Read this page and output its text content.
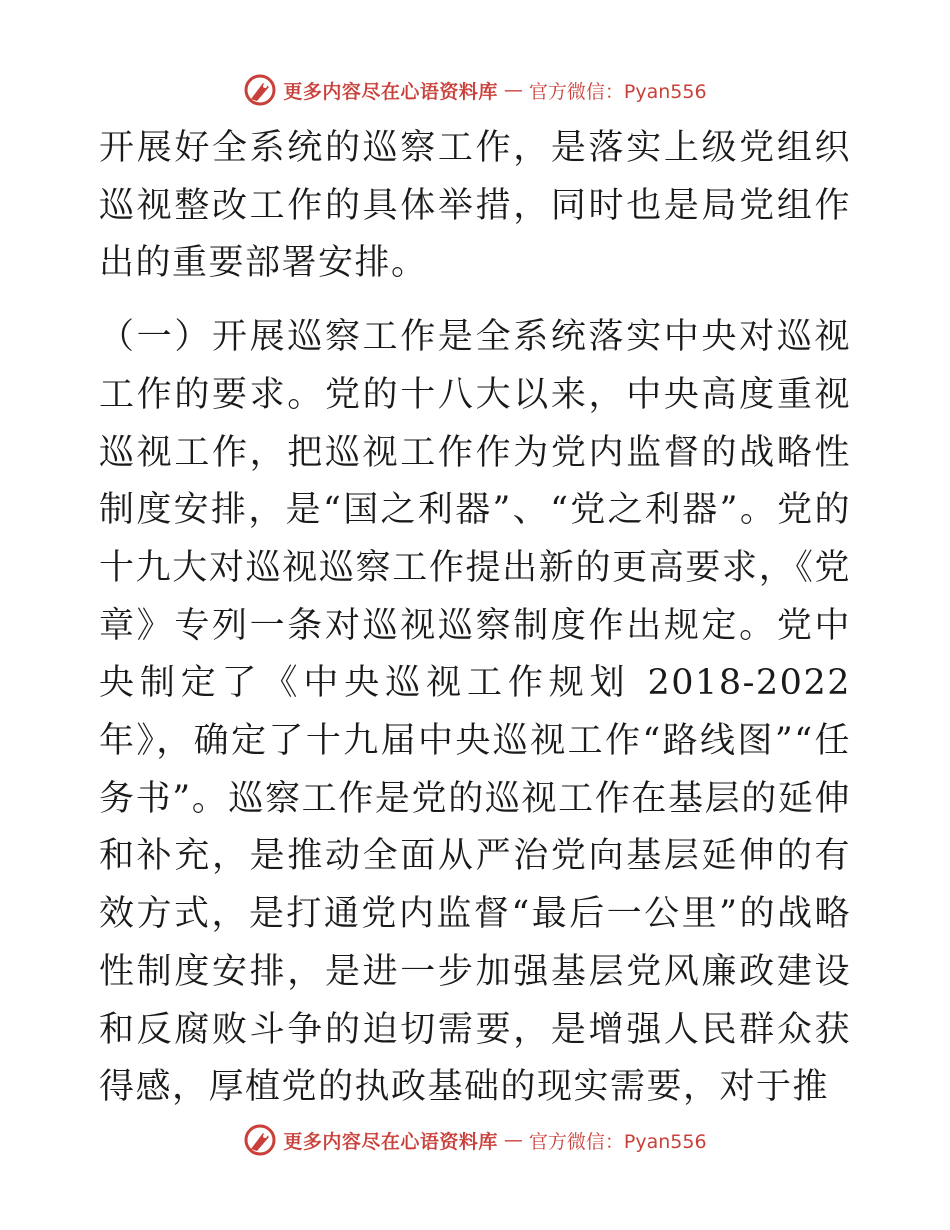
更多内容尽在心语资料库 — 官方微信：Pyan556

开展好全系统的巡察工作，是落实上级党组织巡视整改工作的具体举措，同时也是局党组作出的重要部署安排。

（一）开展巡察工作是全系统落实中央对巡视工作的要求。党的十八大以来，中央高度重视巡视工作，把巡视工作作为党内监督的战略性制度安排，是“国之利器”、“党之利器”。党的十九大对巡视巡察工作提出新的更高要求，《党章》专列一条对巡视巡察制度作出规定。党中央制定了《中央巡视工作规划 2018-2022 年》，确定了十九届中央巡视工作“路线图”“任务书”。巡察工作是党的巡视工作在基层的延伸和补充，是推动全面从严治党向基层延伸的有效方式，是打通党内监督“最后一公里”的战略性制度安排，是进一步加强基层党风廉政建设和反腐败斗争的迫切需要，是增强人民群众获得感，厚植党的执政基础的现实需要，对于推

更多内容尽在心语资料库 — 官方微信：Pyan556
